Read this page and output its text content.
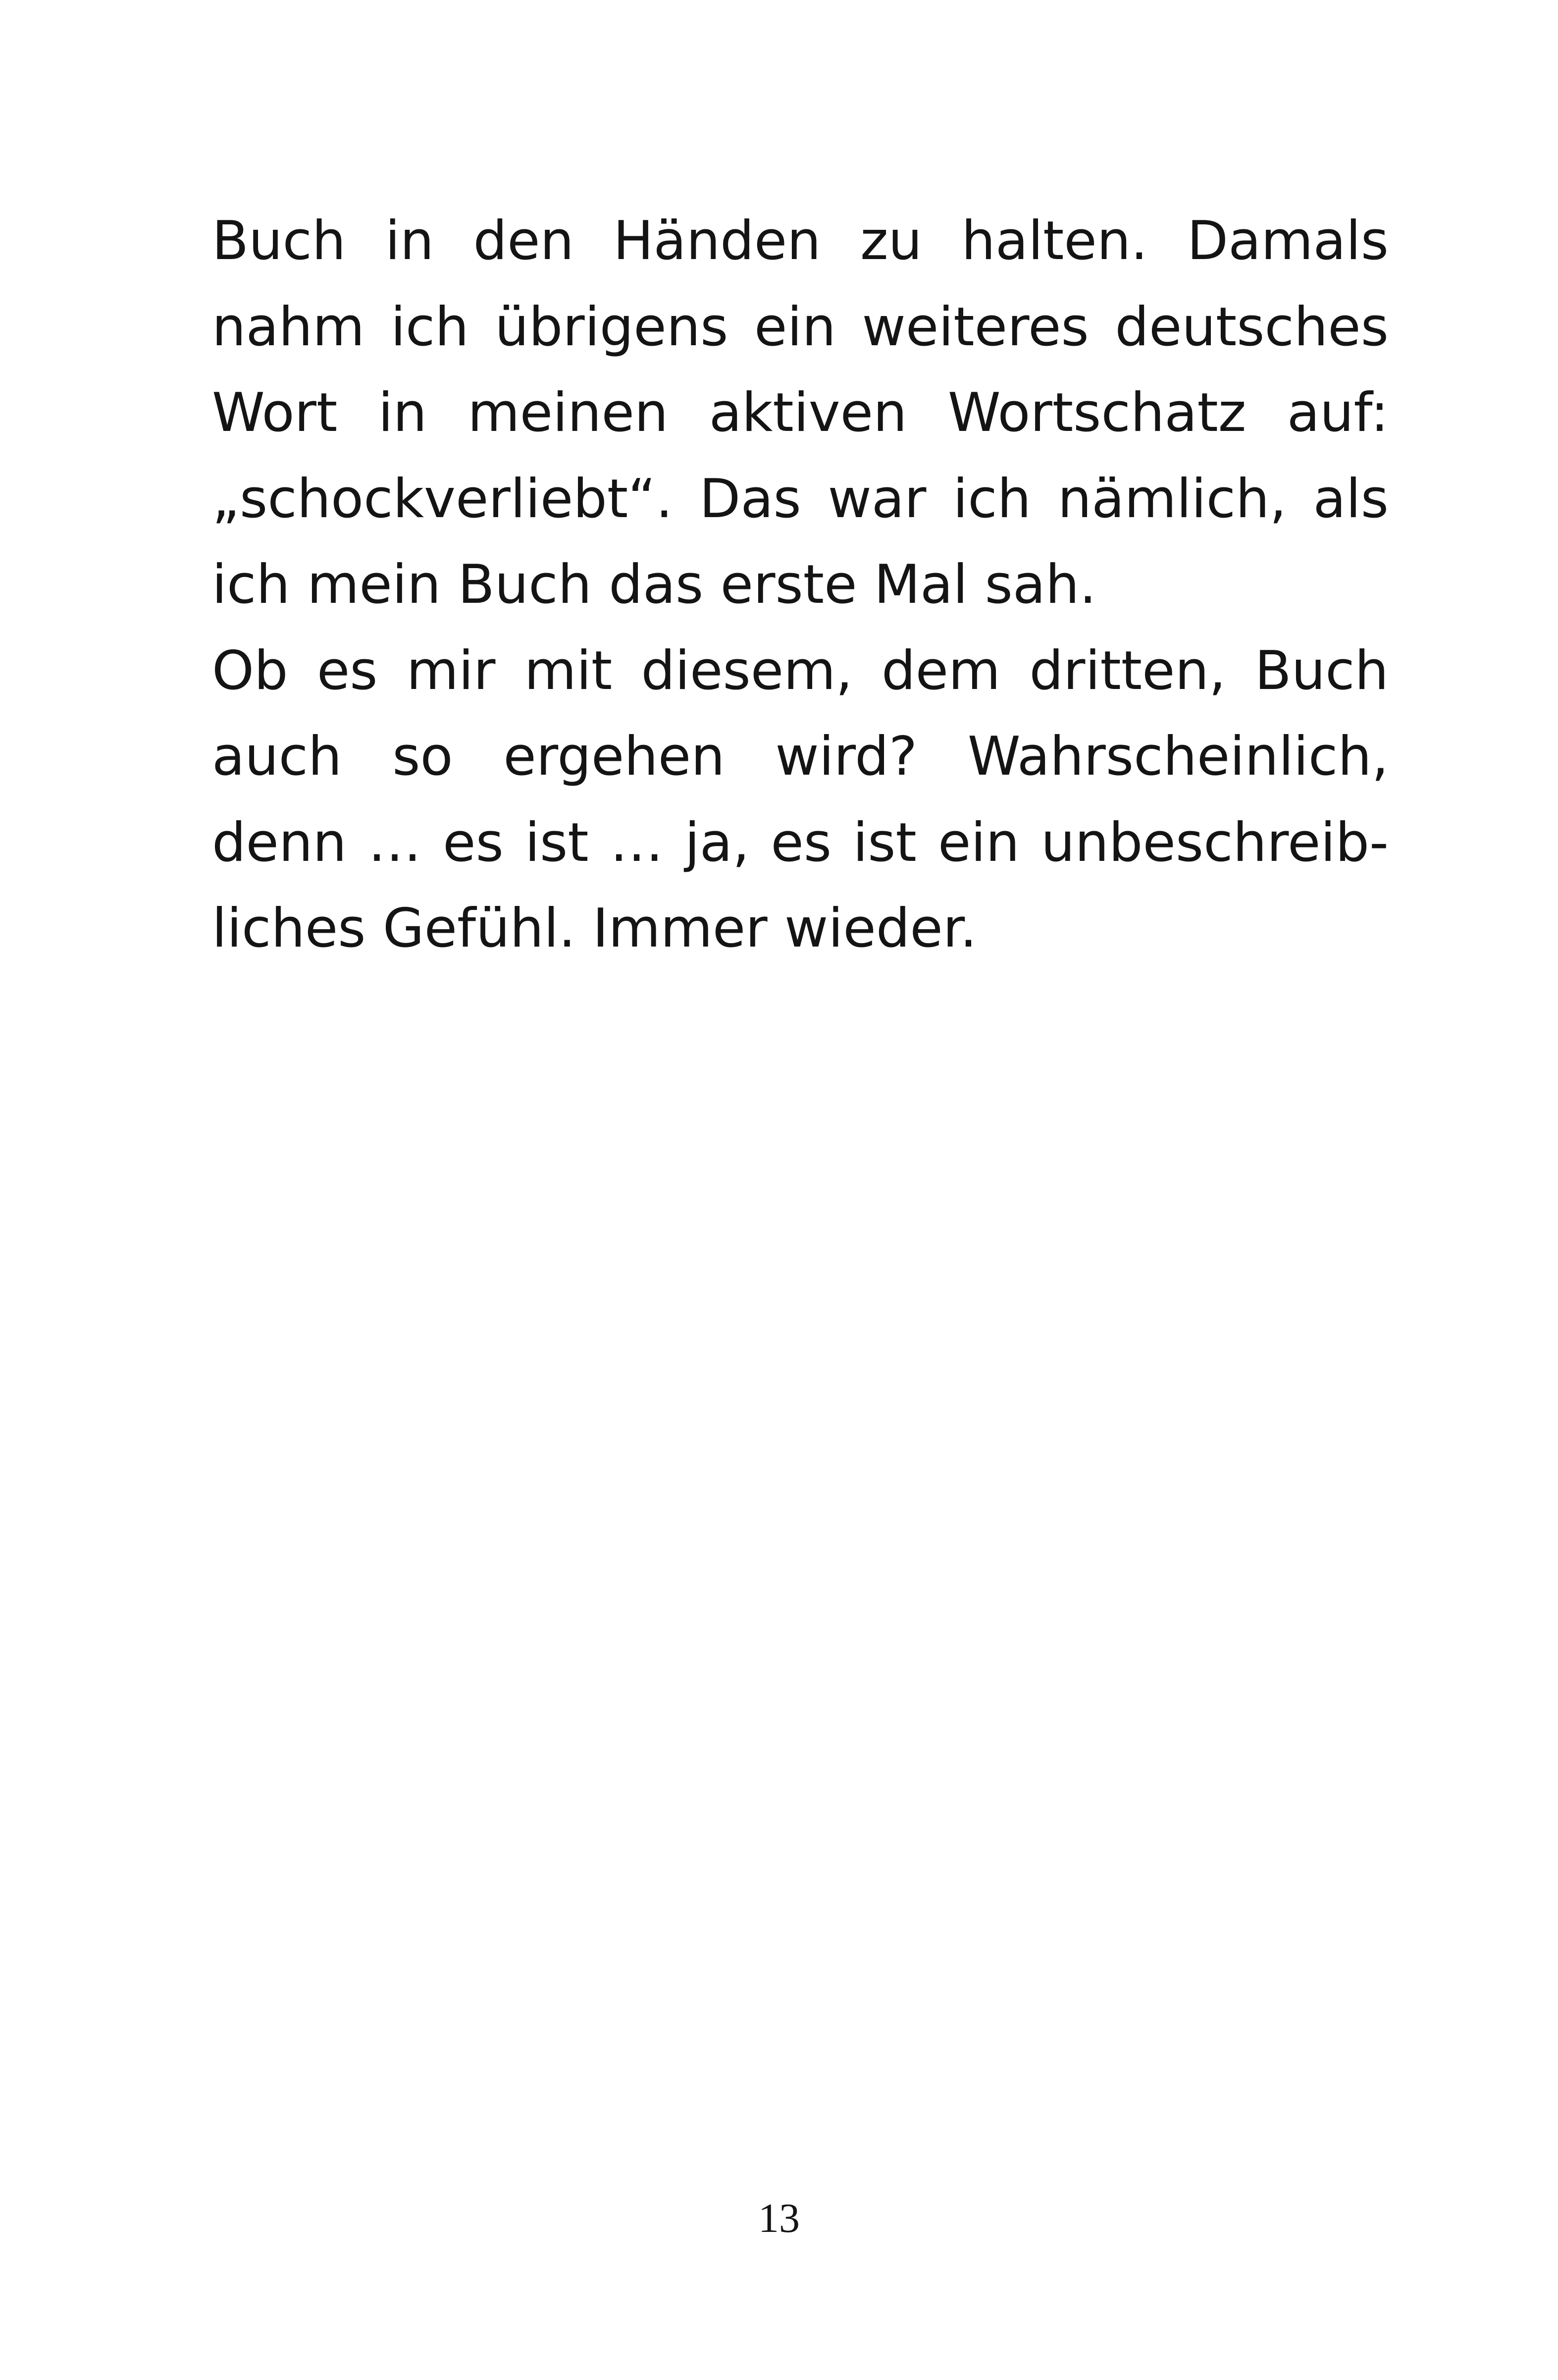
Buch in den Händen zu halten. Damals
nahm ich übrigens ein weiteres deutsches
Wort in meinen aktiven Wortschatz auf:
„schockverliebt“. Das war ich nämlich, als
ich mein Buch das erste Mal sah.
Ob es mir mit diesem, dem dritten, Buch
auch so ergehen wird? Wahrscheinlich,
denn … es ist … ja, es ist ein unbeschreib-
liches Gefühl. Immer wieder.
13
